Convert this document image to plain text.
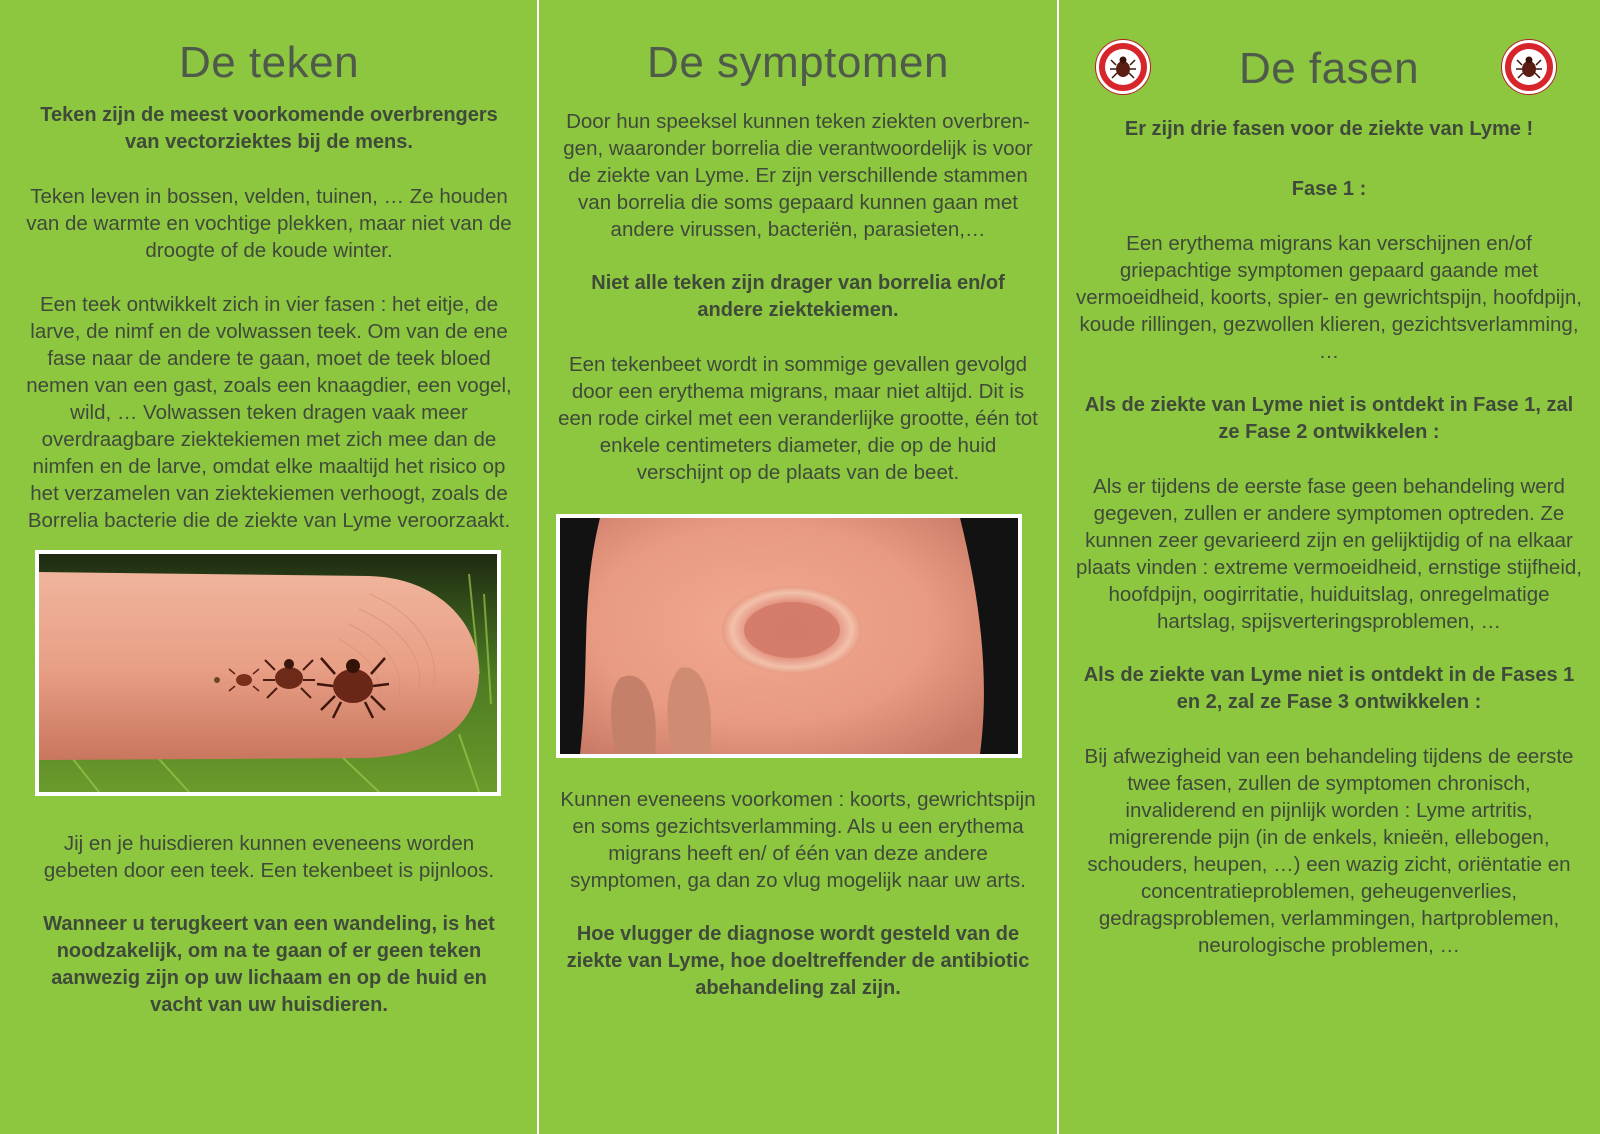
De teken

Teken zijn de meest voorkomende overbrengers van vectorziektes bij de mens.

Teken leven in bossen, velden, tuinen, … Ze houden van de warmte en vochtige plekken, maar niet van de droogte of de koude winter.

Een teek ontwikkelt zich in vier fasen : het eitje, de larve, de nimf en de volwassen teek. Om van de ene fase naar de andere te gaan, moet de teek bloed nemen van een gast, zoals een knaagdier, een vogel, wild, … Volwassen teken dragen vaak meer overdraagbare ziektekiemen met zich mee dan de nimfen en de larve, omdat elke maaltijd het risico op het verzamelen van ziektekiemen verhoogt, zoals de Borrelia bacterie die de ziekte van Lyme veroorzaakt.

Jij en je huisdieren kunnen eveneens worden gebeten door een teek. Een tekenbeet is pijnloos.

Wanneer u terugkeert van een wandeling, is het noodzakelijk, om na te gaan of er geen teken aanwezig zijn op uw lichaam en op de huid en vacht van uw huisdieren.

De symptomen

Door hun speeksel kunnen teken ziekten overbren-gen, waaronder borrelia die verantwoordelijk is voor de ziekte van Lyme. Er zijn verschillende stammen van borrelia die soms gepaard kunnen gaan met andere virussen, bacteriën, parasieten,…

Niet alle teken zijn drager van borrelia en/of andere ziektekiemen.

Een tekenbeet wordt in sommige gevallen gevolgd door een erythema migrans, maar niet altijd. Dit is een rode cirkel met een veranderlijke grootte, één tot enkele centimeters diameter, die op de huid verschijnt op de plaats van de beet.

Kunnen eveneens voorkomen : koorts, gewrichtspijn en soms gezichtsverlamming. Als u een erythema migrans heeft en/ of één van deze andere symptomen, ga dan zo vlug mogelijk naar uw arts.

Hoe vlugger de diagnose wordt gesteld van de ziekte van Lyme, hoe doeltreffender de antibiotic abehandeling zal zijn.

De fasen

Er zijn drie fasen voor de ziekte van Lyme !

Fase 1 :

Een erythema migrans kan verschijnen en/of griepachtige symptomen gepaard gaande met vermoeidheid, koorts, spier- en gewrichtspijn, hoofdpijn, koude rillingen, gezwollen klieren, gezichtsverlamming, …

Als de ziekte van Lyme niet is ontdekt in Fase 1, zal ze Fase 2 ontwikkelen :

Als er tijdens de eerste fase geen behandeling werd gegeven, zullen er andere symptomen optreden. Ze kunnen zeer gevarieerd zijn en gelijktijdig of na elkaar plaats vinden : extreme vermoeidheid, ernstige stijfheid, hoofdpijn, oogirritatie, huiduitslag, onregelmatige hartslag, spijsverteringsproblemen, …

Als de ziekte van Lyme niet is ontdekt in de Fases 1 en 2, zal ze Fase 3 ontwikkelen :

Bij afwezigheid van een behandeling tijdens de eerste twee fasen, zullen de symptomen chronisch, invaliderend en pijnlijk worden : Lyme artritis, migrerende pijn (in de enkels, knieën, ellebogen, schouders, heupen, …) een wazig zicht, oriëntatie en concentratieproblemen, geheugenverlies, gedragsproblemen, verlammingen, hartproblemen, neurologische problemen, …
